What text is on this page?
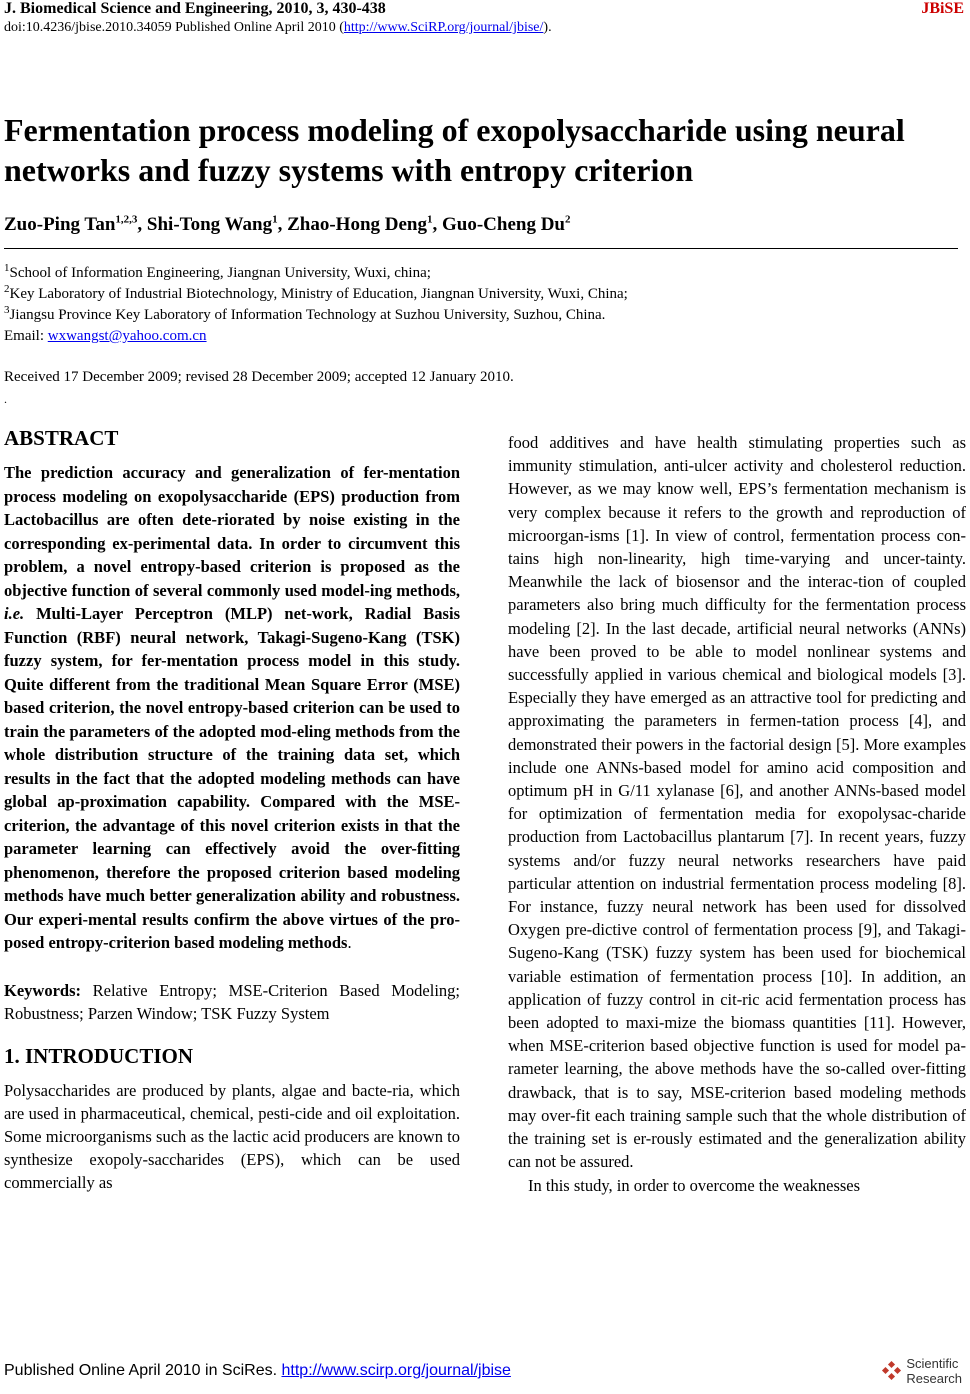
J. Biomedical Science and Engineering, 2010, 3, 430-438	JBiSE
doi:10.4236/jbise.2010.34059 Published Online April 2010 (http://www.SciRP.org/journal/jbise/).
Fermentation process modeling of exopolysaccharide using neural networks and fuzzy systems with entropy criterion
Zuo-Ping Tan$^{1,2,3}$, Shi-Tong Wang$^1$, Zhao-Hong Deng$^1$, Guo-Cheng Du$^2$
$^1$School of Information Engineering, Jiangnan University, Wuxi, china;
$^2$Key Laboratory of Industrial Biotechnology, Ministry of Education, Jiangnan University, Wuxi, China;
$^3$Jiangsu Province Key Laboratory of Information Technology at Suzhou University, Suzhou, China.
Email: wxwangst@yahoo.com.cn
Received 17 December 2009; revised 28 December 2009; accepted 12 January 2010.
.
ABSTRACT

The prediction accuracy and generalization of fer-mentation process modeling on exopolysaccharide (EPS) production from Lactobacillus are often dete-riorated by noise existing in the corresponding ex-perimental data. In order to circumvent this problem, a novel entropy-based criterion is proposed as the objective function of several commonly used model-ing methods, i.e. Multi-Layer Perceptron (MLP) net-work, Radial Basis Function (RBF) neural network, Takagi-Sugeno-Kang (TSK) fuzzy system, for fer-mentation process model in this study. Quite different from the traditional Mean Square Error (MSE) based criterion, the novel entropy-based criterion can be used to train the parameters of the adopted mod-eling methods from the whole distribution structure of the training data set, which results in the fact that the adopted modeling methods can have global ap-proximation capability. Compared with the MSE-criterion, the advantage of this novel criterion exists in that the parameter learning can effectively avoid the over-fitting phenomenon, therefore the proposed criterion based modeling methods have much better generalization ability and robustness. Our experi-mental results confirm the above virtues of the pro-posed entropy-criterion based modeling methods.

Keywords: Relative Entropy; MSE-Criterion Based Modeling; Robustness; Parzen Window; TSK Fuzzy System

1. INTRODUCTION

Polysaccharides are produced by plants, algae and bacte-ria, which are used in pharmaceutical, chemical, pesti-cide and oil exploitation. Some microorganisms such as the lactic acid producers are known to synthesize exopoly-saccharides (EPS), which can be used commercially as

food additives and have health stimulating properties such as immunity stimulation, anti-ulcer activity and cholesterol reduction. However, as we may know well, EPS’s fermentation mechanism is very complex because it refers to the growth and reproduction of microorgan-isms [1]. In view of control, fermentation process con-tains high non-linearity, high time-varying and uncer-tainty. Meanwhile the lack of biosensor and the interac-tion of coupled parameters also bring much difficulty for the fermentation process modeling [2]. In the last decade, artificial neural networks (ANNs) have been proved to be able to model nonlinear systems and successfully applied in various chemical and biological models [3]. Especially they have emerged as an attractive tool for predicting and approximating the parameters in fermen-tation process [4], and demonstrated their powers in the factorial design [5]. More examples include one ANNs-based model for amino acid composition and optimum pH in G/11 xylanase [6], and another ANNs-based model for optimization of fermentation media for exopolysac-charide production from Lactobacillus plantarum [7]. In recent years, fuzzy systems and/or fuzzy neural networks researchers have paid particular attention on industrial fermentation process modeling [8]. For instance, fuzzy neural network has been used for dissolved Oxygen pre-dictive control of fermentation process [9], and Takagi-Sugeno-Kang (TSK) fuzzy system has been used for biochemical variable estimation of fermentation process [10]. In addition, an application of fuzzy control in cit-ric acid fermentation process has been adopted to maxi-mize the biomass quantities [11]. However, when MSE-criterion based objective function is used for model pa-rameter learning, the above methods have the so-called over-fitting drawback, that is to say, MSE-criterion based modeling methods may over-fit each training sample such that the whole distribution of the training set is er-rously estimated and the generalization ability can not be assured.

In this study, in order to overcome the weaknesses

Published Online April 2010 in SciRes. http://www.scirp.org/journal/jbise	Scientific
Research
